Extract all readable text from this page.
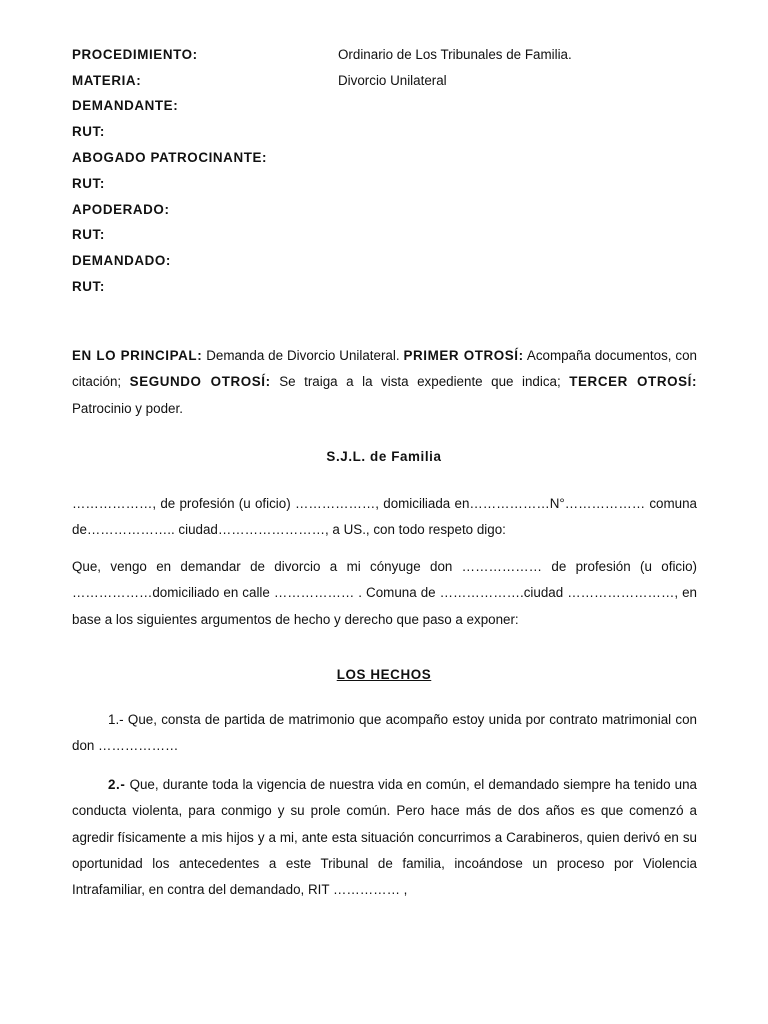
PROCEDIMIENTO:	Ordinario de Los Tribunales de Familia.
MATERIA:	Divorcio Unilateral
DEMANDANTE:
RUT:
ABOGADO PATROCINANTE:
RUT:
APODERADO:
RUT:
DEMANDADO:
RUT:
EN LO PRINCIPAL: Demanda de Divorcio Unilateral. PRIMER OTROSÍ: Acompaña documentos, con citación; SEGUNDO OTROSÍ: Se traiga a la vista expediente que indica; TERCER OTROSÍ: Patrocinio y poder.
S.J.L. de Familia
………………, de profesión (u oficio) ………………, domiciliada en………………N°……………… comuna de……………….. ciudad……………………, a US., con todo respeto digo:
Que, vengo en demandar de divorcio a mi cónyuge don ……………… de profesión (u oficio) ………………domiciliado en calle ……………… . Comuna de ……………….ciudad ……………………, en base a los siguientes argumentos de hecho y derecho que paso a exponer:
LOS HECHOS
1.- Que, consta de partida de matrimonio que acompaño estoy unida por contrato matrimonial con don ………………
2.- Que, durante toda la vigencia de nuestra vida en común, el demandado siempre ha tenido una conducta violenta, para conmigo y su prole común. Pero hace más de dos años es que comenzó a agredir físicamente a mis hijos y a mi, ante esta situación concurrimos a Carabineros, quien derivó en su oportunidad los antecedentes a este Tribunal de familia, incoándose un proceso por Violencia Intrafamiliar, en contra del demandado, RIT …………… ,
